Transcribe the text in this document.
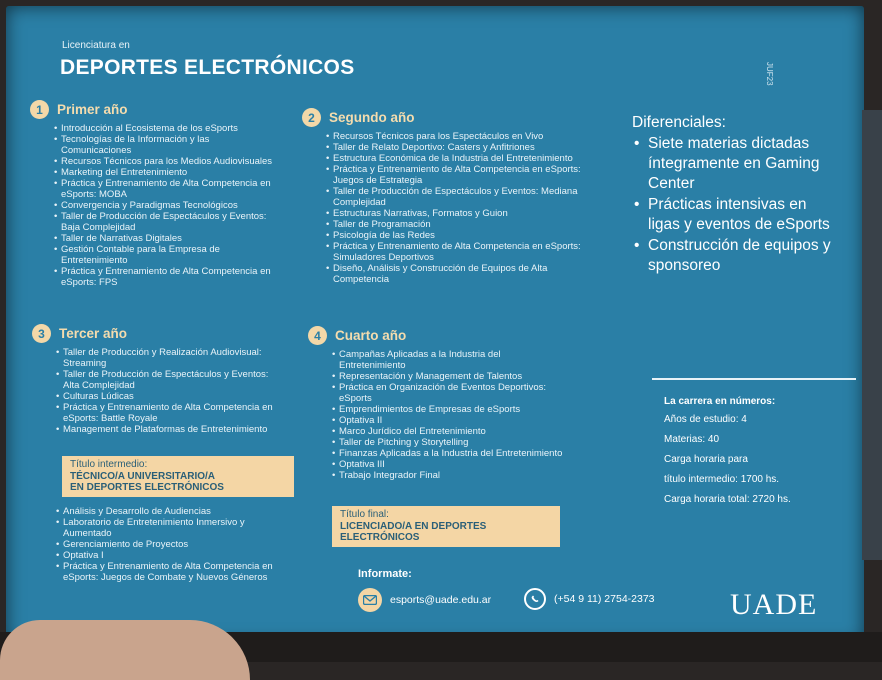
Licenciatura en
DEPORTES ELECTRÓNICOS	JUF23
1	Primer año
• Introducción al Ecosistema de los eSports
• Tecnologías de la Información y las Comunicaciones
• Recursos Técnicos para los Medios Audiovisuales
• Marketing del Entretenimiento
• Práctica y Entrenamiento de Alta Competencia en eSports: MOBA
• Convergencia y Paradigmas Tecnológicos
• Taller de Producción de Espectáculos y Eventos: Baja Complejidad
• Taller de Narrativas Digitales
• Gestión Contable para la Empresa de Entretenimiento
• Práctica y Entrenamiento de Alta Competencia en eSports: FPS
2	Segundo año
• Recursos Técnicos para los Espectáculos en Vivo
• Taller de Relato Deportivo: Casters y Anfitriones
• Estructura Económica de la Industria del Entretenimiento
• Práctica y Entrenamiento de Alta Competencia en eSports: Juegos de Estrategia
• Taller de Producción de Espectáculos y Eventos: Mediana Complejidad
• Estructuras Narrativas, Formatos y Guion
• Taller de Programación
• Psicología de las Redes
• Práctica y Entrenamiento de Alta Competencia en eSports: Simuladores Deportivos
• Diseño, Análisis y Construcción de Equipos de Alta Competencia
3	Tercer año
• Taller de Producción y Realización Audiovisual: Streaming
• Taller de Producción de Espectáculos y Eventos: Alta Complejidad
• Culturas Lúdicas
• Práctica y Entrenamiento de Alta Competencia en eSports: Battle Royale
• Management de Plataformas de Entretenimiento
Título intermedio:
TÉCNICO/A UNIVERSITARIO/A
EN DEPORTES ELECTRÓNICOS
• Análisis y Desarrollo de Audiencias
• Laboratorio de Entretenimiento Inmersivo y Aumentado
• Gerenciamiento de Proyectos
• Optativa I
• Práctica y Entrenamiento de Alta Competencia en eSports: Juegos de Combate y Nuevos Géneros
4	Cuarto año
• Campañas Aplicadas a la Industria del Entretenimiento
• Representación y Management de Talentos
• Práctica en Organización de Eventos Deportivos: eSports
• Emprendimientos de Empresas de eSports
• Optativa II
• Marco Jurídico del Entretenimiento
• Taller de Pitching y Storytelling
• Finanzas Aplicadas a la Industria del Entretenimiento
• Optativa III
• Trabajo Integrador Final
Título final:
LICENCIADO/A EN DEPORTES
ELECTRÓNICOS
Diferenciales:
• Siete materias dictadas íntegramente en Gaming Center
• Prácticas intensivas en ligas y eventos de eSports
• Construcción de equipos y sponsoreo
La carrera en números:
Años de estudio: 4
Materias: 40
Carga horaria para
título intermedio: 1700 hs.
Carga horaria total: 2720 hs.
Informate:
esports@uade.edu.ar	(+54 9 11) 2754-2373	UADE
